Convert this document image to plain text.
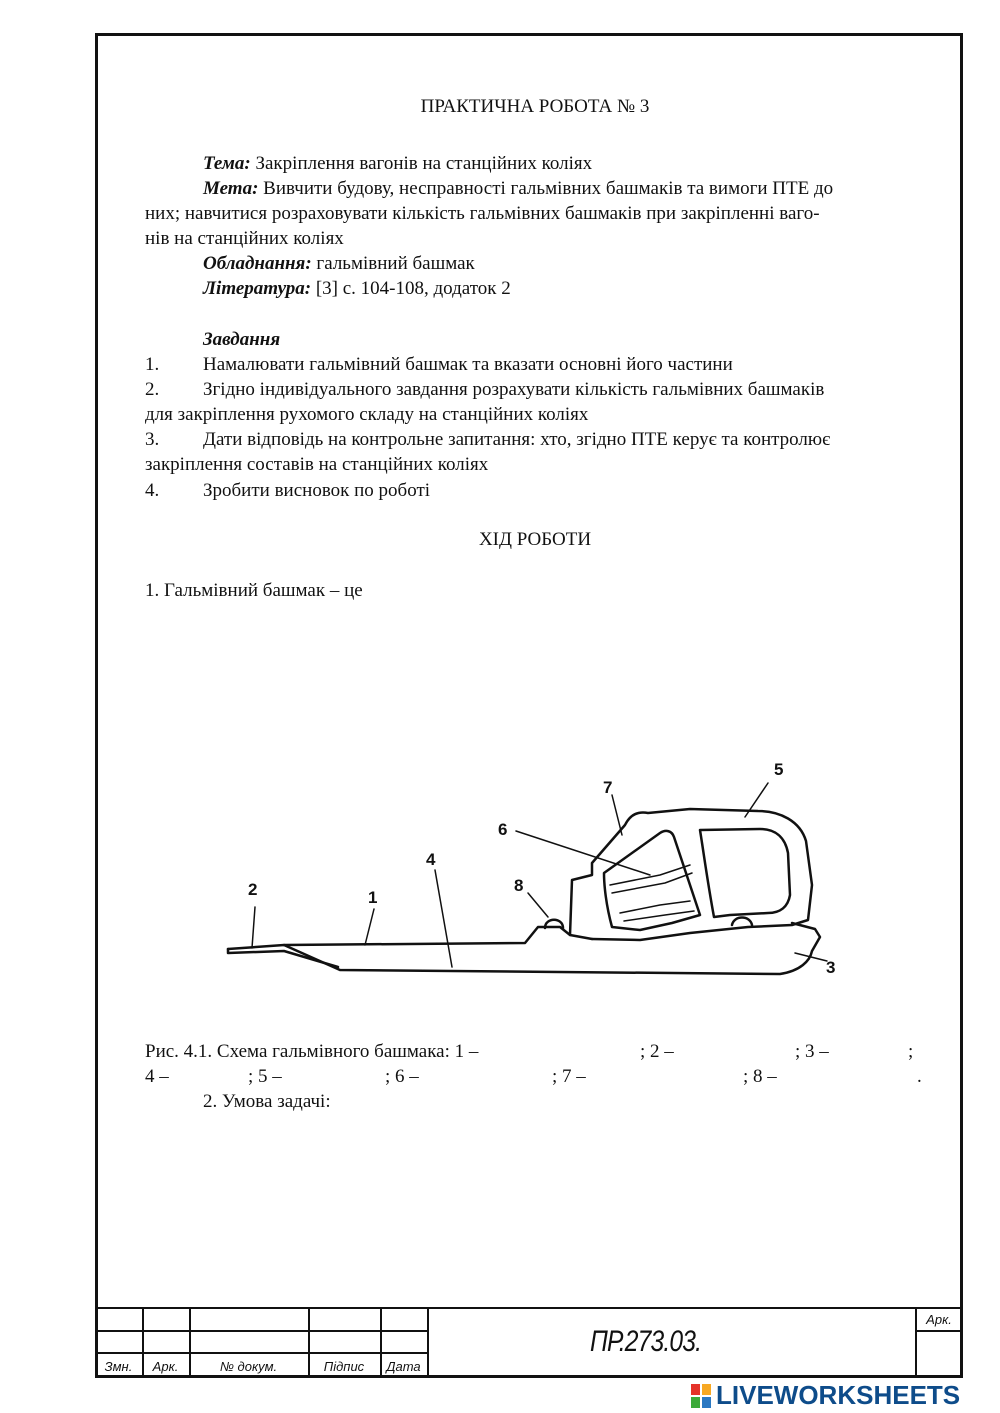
ПРАКТИЧНА РОБОТА № 3
Тема: Закріплення вагонів на станційних коліях
Мета: Вивчити будову, несправності гальмівних башмаків та вимоги ПТЕ до
них; навчитися розраховувати кількість гальмівних башмаків при закріпленні ваго-
нів на станційних коліях
Обладнання: гальмівний башмак
Література: [3] с. 104-108, додаток 2
Завдання
1. Намалювати гальмівний башмак та вказати основні його частини
2. Згідно індивідуального завдання розрахувати кількість гальмівних башмаків
для закріплення рухомого складу на станційних коліях
3. Дати відповідь на контрольне запитання: хто, згідно ПТЕ керує та контролює
закріплення составів на станційних коліях
4. Зробити висновок по роботі
ХІД РОБОТИ
1. Гальмівний башмак – це
1
2
3
4
5
6
7
8
Рис. 4.1. Схема гальмівного башмака: 1 –	; 2 –	; 3 –	;
4 –	; 5 –	; 6 –	; 7 –	; 8 –	.
2. Умова задачі:
Змн.	Арк.	№ докум.	Підпис	Дата
Арк.
ПР.273.03.
LIVEWORKSHEETS
